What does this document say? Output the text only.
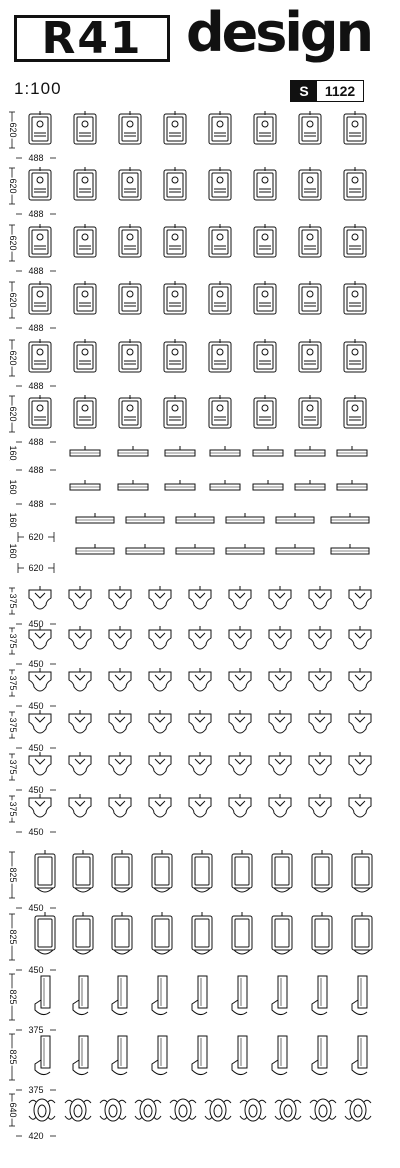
R41 design
1:100	S	1122
620
488
620
488
620
488
620
488
620
488
620
488
160
488
160
488
160
620
160
620
375
450
375
450
375
450
375
450
375
450
375
450
825
450
825
450
825
375
825
375
640
420
